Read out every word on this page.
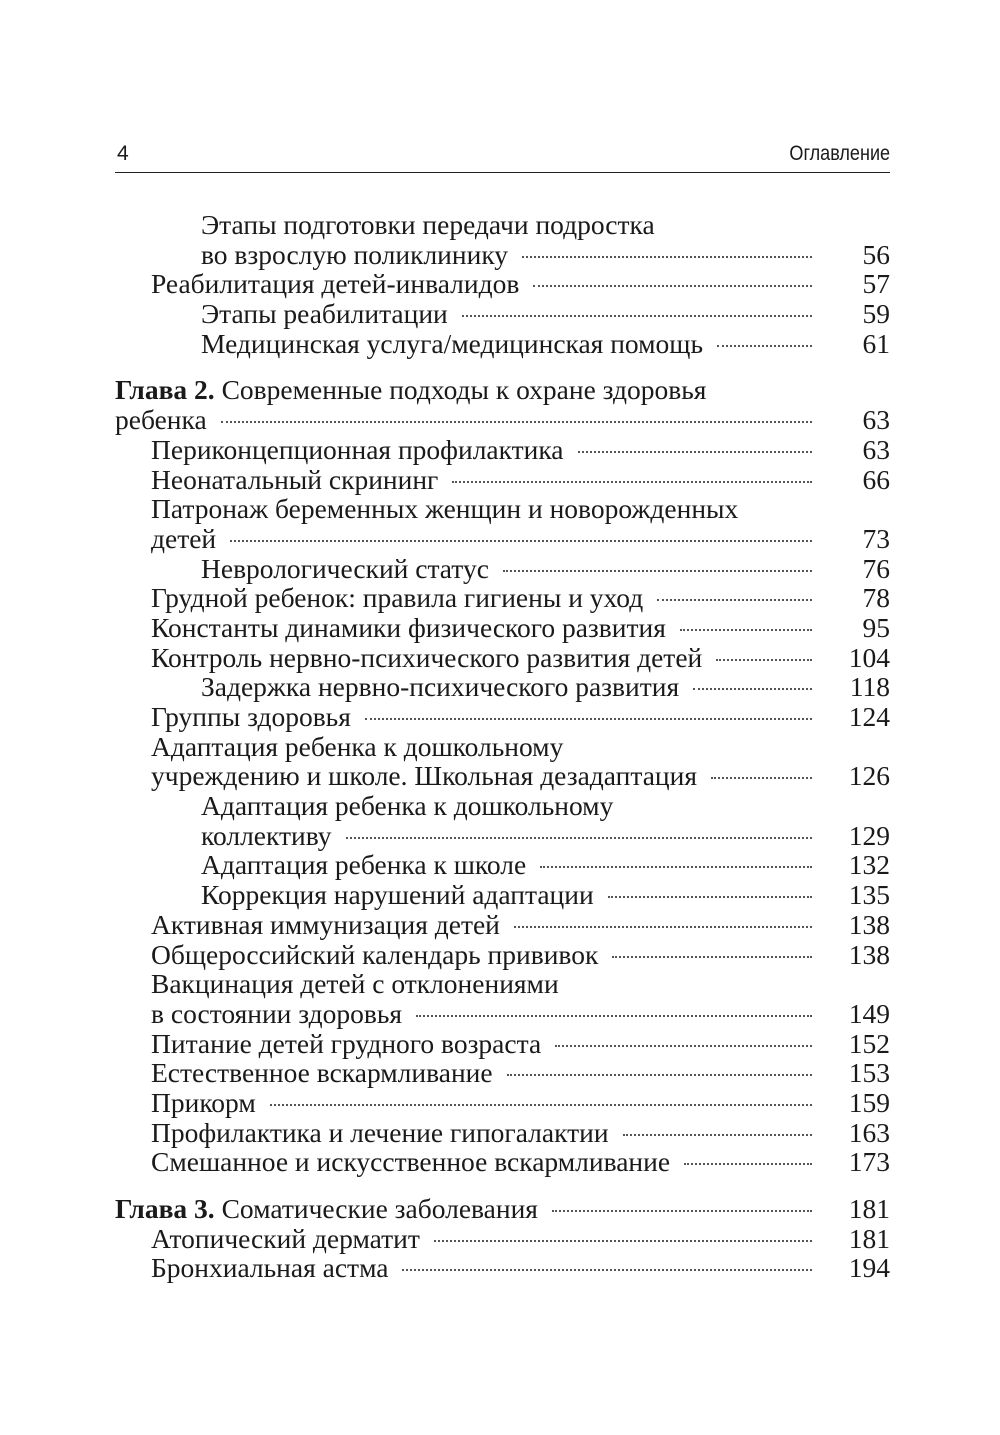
4	Оглавление
Этапы подготовки передачи подростка
во взрослую поликлинику	56
Реабилитация детей-инвалидов	57
Этапы реабилитации	59
Медицинская услуга/медицинская помощь	61
Глава 2. Современные подходы к охране здоровья
ребенка	63
Периконцепционная профилактика	63
Неонатальный скрининг	66
Патронаж беременных женщин и новорожденных
детей	73
Неврологический статус	76
Грудной ребенок: правила гигиены и уход	78
Константы динамики физического развития	95
Контроль нервно-психического развития детей	104
Задержка нервно-психического развития	118
Группы здоровья	124
Адаптация ребенка к дошкольному
учреждению и школе. Школьная дезадаптация	126
Адаптация ребенка к дошкольному
коллективу	129
Адаптация ребенка к школе	132
Коррекция нарушений адаптации	135
Активная иммунизация детей	138
Общероссийский календарь прививок	138
Вакцинация детей с отклонениями
в состоянии здоровья	149
Питание детей грудного возраста	152
Естественное вскармливание	153
Прикорм	159
Профилактика и лечение гипогалактии	163
Смешанное и искусственное вскармливание	173
Глава 3. Соматические заболевания	181
Атопический дерматит	181
Бронхиальная астма	194
